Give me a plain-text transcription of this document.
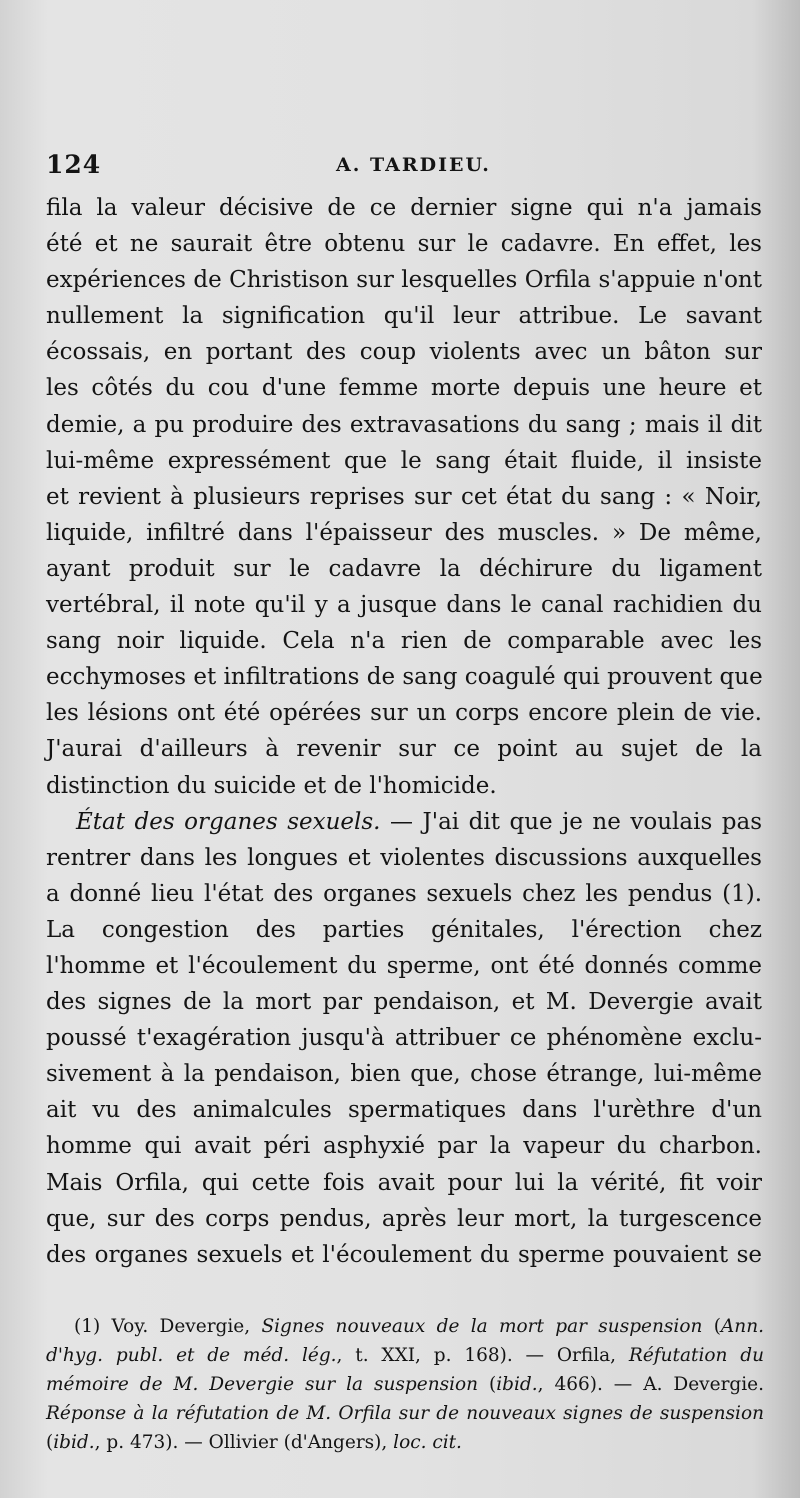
124	A. TARDIEU.
fila la valeur décisive de ce dernier signe qui n'a jamais
été et ne saurait être obtenu sur le cadavre. En effet, les
expériences de Christison sur lesquelles Orfila s'appuie n'ont
nullement la signification qu'il leur attribue. Le savant
écossais, en portant des coup violents avec un bâton sur
les côtés du cou d'une femme morte depuis une heure et
demie, a pu produire des extravasations du sang ; mais il dit
lui-même expressément que le sang était fluide, il insiste
et revient à plusieurs reprises sur cet état du sang : « Noir,
liquide, infiltré dans l'épaisseur des muscles. » De même,
ayant produit sur le cadavre la déchirure du ligament
vertébral, il note qu'il y a jusque dans le canal rachidien du
sang noir liquide. Cela n'a rien de comparable avec les
ecchymoses et infiltrations de sang coagulé qui prouvent que
les lésions ont été opérées sur un corps encore plein de vie.
J'aurai d'ailleurs à revenir sur ce point au sujet de la
distinction du suicide et de l'homicide.
État des organes sexuels. — J'ai dit que je ne voulais pas
rentrer dans les longues et violentes discussions auxquelles
a donné lieu l'état des organes sexuels chez les pendus (1).
La congestion des parties génitales, l'érection chez
l'homme et l'écoulement du sperme, ont été donnés comme
des signes de la mort par pendaison, et M. Devergie avait
poussé t'exagération jusqu'à attribuer ce phénomène exclu-
sivement à la pendaison, bien que, chose étrange, lui-même
ait vu des animalcules spermatiques dans l'urèthre d'un
homme qui avait péri asphyxié par la vapeur du charbon.
Mais Orfila, qui cette fois avait pour lui la vérité, fit voir
que, sur des corps pendus, après leur mort, la turgescence
des organes sexuels et l'écoulement du sperme pouvaient se
(1) Voy. Devergie, Signes nouveaux de la mort par suspension (Ann.
d'hyg. publ. et de méd. lég., t. XXI, p. 168). — Orfila, Réfutation du
mémoire de M. Devergie sur la suspension (ibid., 466). — A. Devergie.
Réponse à la réfutation de M. Orfila sur de nouveaux signes de suspension
(ibid., p. 473). — Ollivier (d'Angers), loc. cit.
